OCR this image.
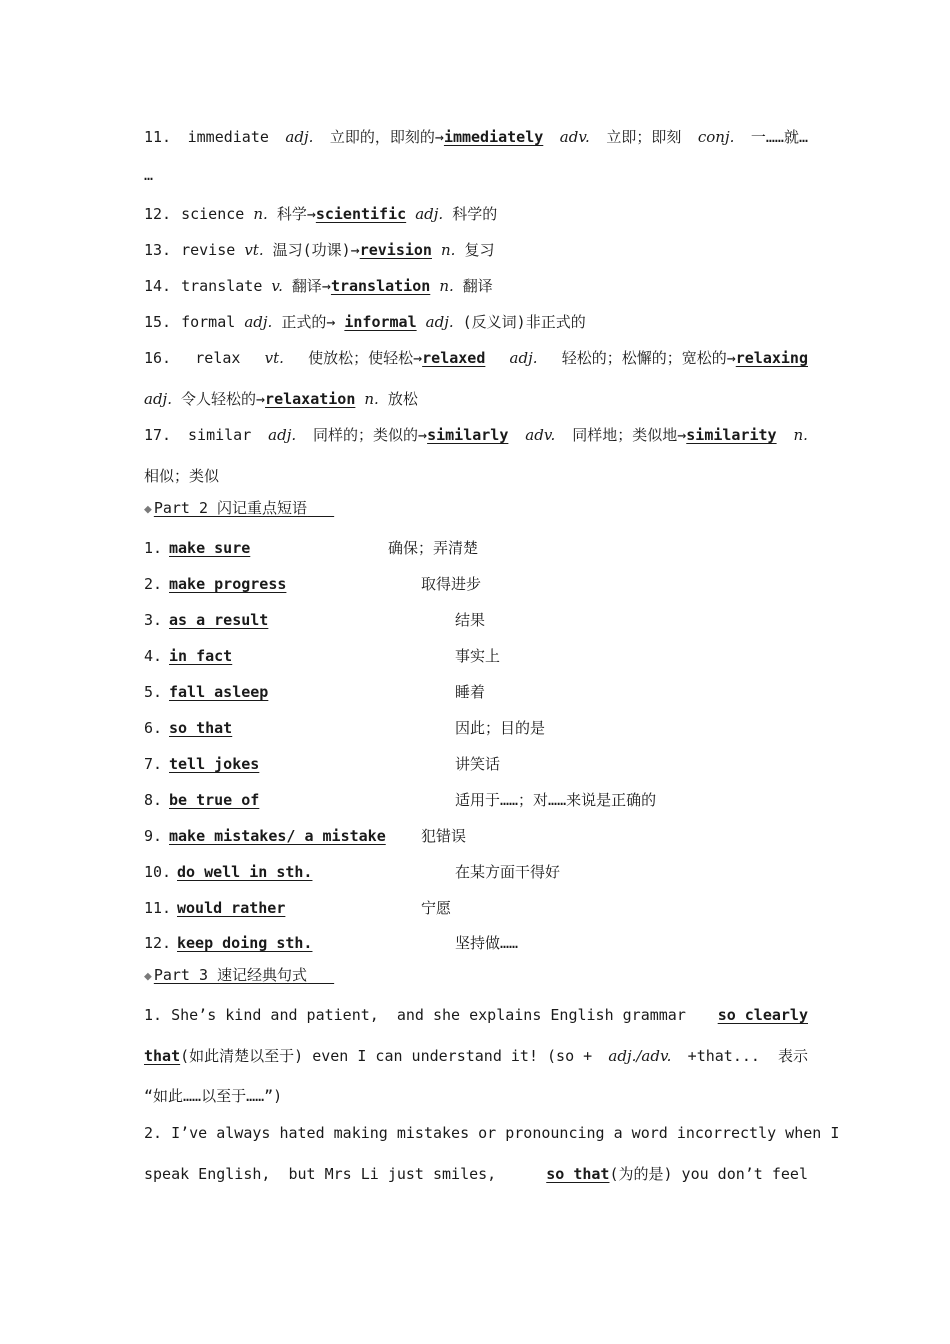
11. immediate adj. 立即的，即刻的→immediately adv. 立即；即刻 conj. 一……就…
…
12. science n. 科学→scientific adj. 科学的
13. revise vt. 温习(功课)→revision n. 复习
14. translate v. 翻译→translation n. 翻译
15. formal adj. 正式的→ informal adj. (反义词)非正式的
16. relax vt. 使放松；使轻松→relaxed adj. 轻松的；松懈的；宽松的→relaxing
adj. 令人轻松的→relaxation n. 放松
17. similar adj. 同样的；类似的→similarly adv. 同样地；类似地→similarity n.
相似；类似
◆ Part 2 闪记重点短语
1. make sure	确保；弄清楚
2. make progress	取得进步
3. as a result	结果
4. in fact	事实上
5. fall asleep	睡着
6. so that	因此；目的是
7. tell jokes	讲笑话
8. be true of	适用于……；对……来说是正确的
9. make mistakes/ a mistake 犯错误
10. do well in sth.	在某方面干得好
11. would rather	宁愿
12. keep doing sth.	坚持做……
◆ Part 3 速记经典句式
1. She’s kind and patient,  and she explains English grammar so clearly
that(如此清楚以至于) even I can understand it! (so + adj./adv. +that...  表示
“如此……以至于……”)
2. I’ve always hated making mistakes or pronouncing a word incorrectly when I
speak English,  but Mrs Li just smiles,	so that(为的是) you don’t feel
